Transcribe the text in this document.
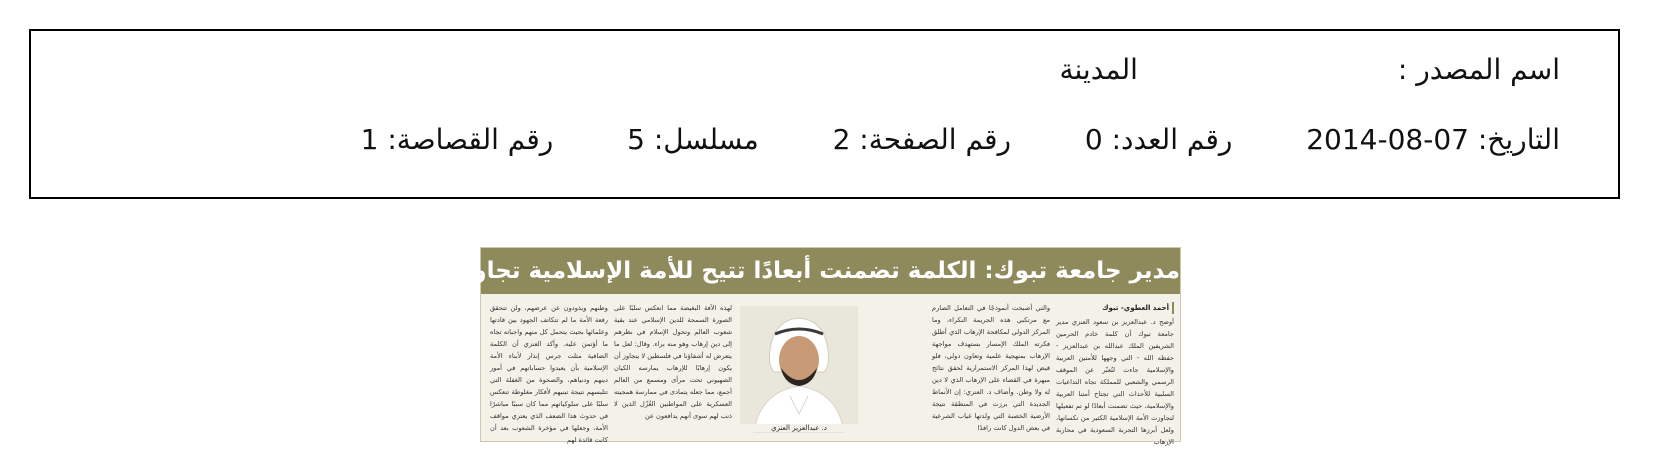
اسم المصدر :المدينة
التاريخ: 2014-08-07  رقم العدد: 0  رقم الصفحة: 2  مسلسل: 5  رقم القصاصة: 1
مدير جامعة تبوك: الكلمة تضمنت أبعادًا تتيح للأمة الإسلامية تجاوز النكسات
أحمد العطوي- تبوك
أوضح د. عبدالعزيز بن سعود العنزي مدير جامعة تبوك أن كلمة خادم الحرمين الشريفين الملك عبدالله بن عبدالعزيز - حفظه الله - التي وجهها للأمتين العربية والإسلامية جاءت لتُعبّر عن الموقف الرسمي والشعبي للمملكة تجاه التداعيات السلبية للأحداث التي تجتاح أمتنا العربية والإسلامية، حيث تضمنت أبعادًا لو تم تفعيلها لتجاوزت الأمة الإسلامية الكثير من نكساتها، ولعل أبرزها التجربة السعودية في محاربة الإرهاب
والتي أصبحت أنموذجًا في التعامل الصارم مع مرتكبي هذه الجريمة النكراء، وما المركز الدولي لمكافحة الإرهاب الذي أطلق فكرته الملك الإمسار بستهدف مواجهة الإرهاب بمنهجية علمية وتعاون دولي، فلو قيض لهذا المركز الاستمرارية لحقق نتائج مبهرة في القضاء على الإرهاب الذي لا دين له ولا وطن. وأضاف د. العنزي: إن الأنماط الجديدة التي برزت في المنطقة نتيجة الأرضية الخصبة التي ولدتها غياب الشرعية في بعض الدول كانت رافدًا
د. عبدالعزيز العنزي
لهذه الآفة البغيضة مما انعكس سلبًا على الصورة السمحة للدين الإسلامي عند بقية شعوب العالم وتحول الإسلام في نظرهم إلى دين إرهاب وهو منه براء. وقال: لعل ما يتعرض له أشقاؤنا في فلسطين لا يتجاوز أن يكون إرهابًا للإرهاب يمارسه الكيان الصهيوني تحت مرأى ومسمع من العالم أجمع، مما جعله يتمادى في ممارسة همجيته العسكرية على المواطنين العُزّل الذين لا ذنب لهم سوى أنهم يدافعون عن
وطنهم ويذودون عن عرضهم، ولن تتحقق رفعة الأمة ما لم تتكاتف الجهود بين قادتها وعلمائها بحيث يتحمل كل منهم واجباته تجاه ما أؤتمن عليه. وأكد العنزي أن الكلمة الضافية مثلت جرس إنذار لأبناء الأمة الإسلامية بأن يعيدوا حساباتهم في أمور دينهم ودنياهم، والصحوة من الغفلة التي تتلبسهم نتيجة تبنيهم لأفكار مغلوطة تنعكس سلبًا على سلوكياتهم مما كان سببًا مباشرًا في حدوث هذا الضعف الذي يعتري مواقف الأمة، وجعلها في مؤخرة الشعوب بعد أن كانت قائدة لهم
